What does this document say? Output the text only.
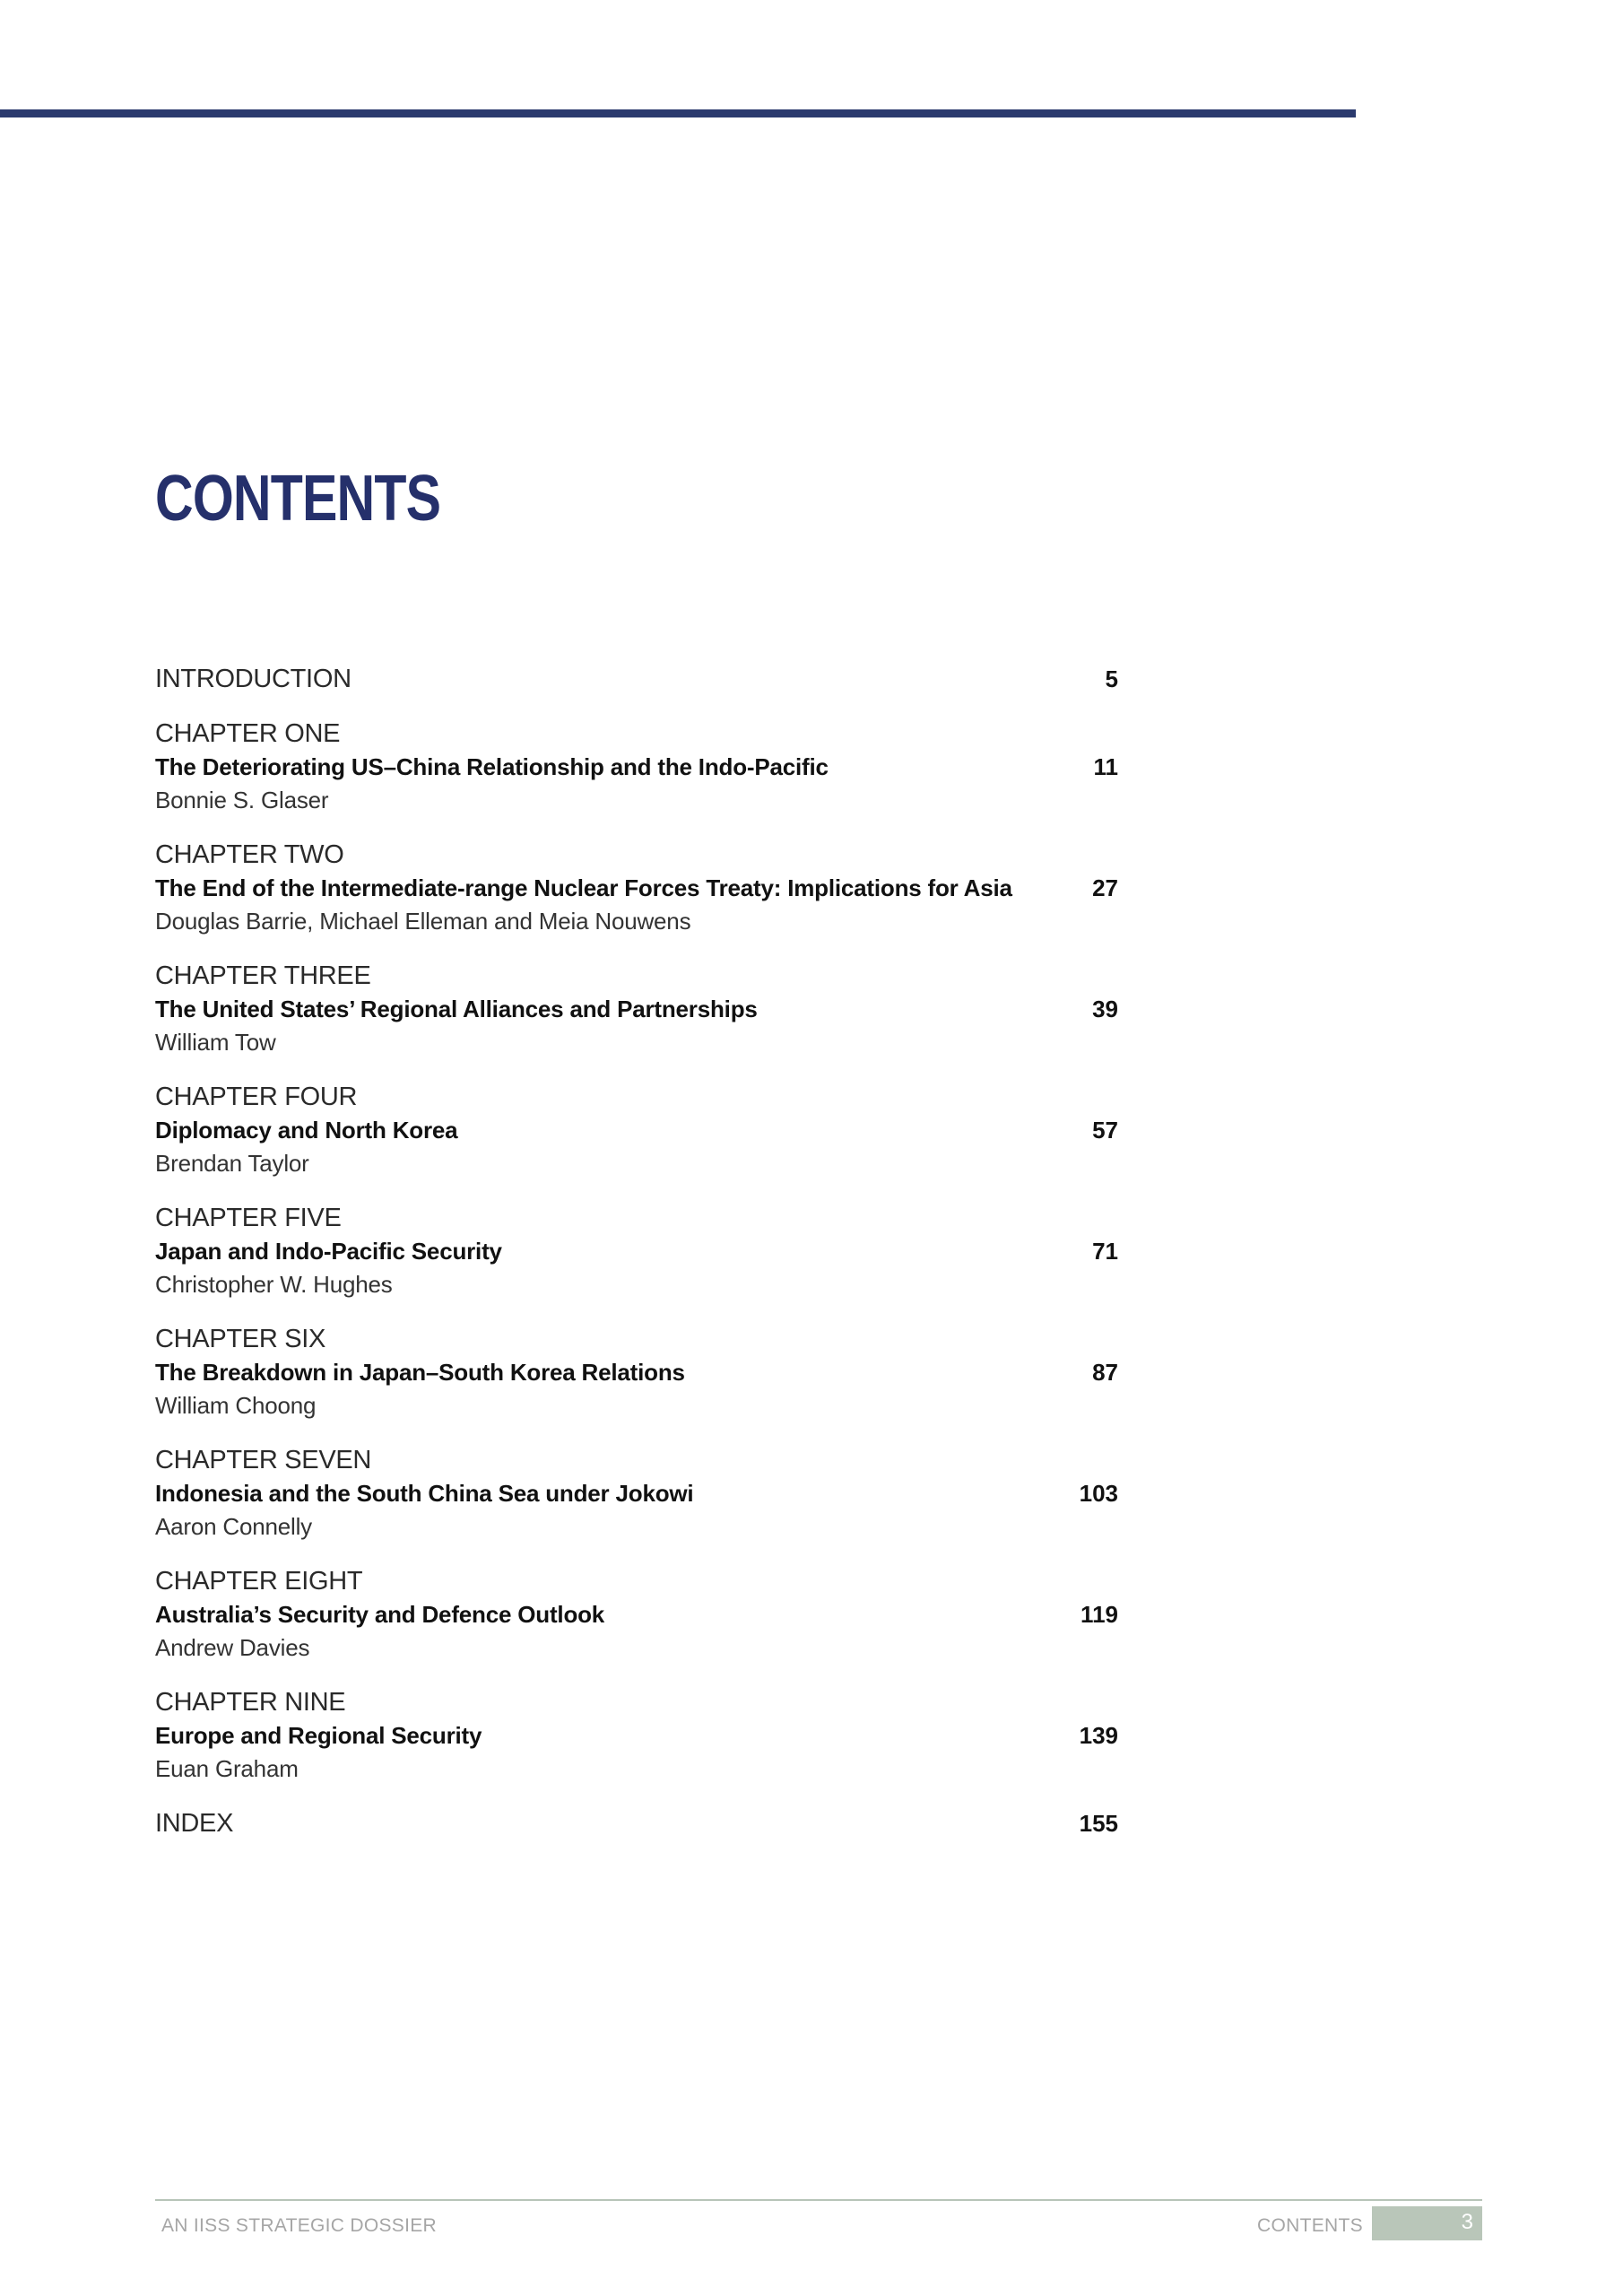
CONTENTS
INTRODUCTION	5
CHAPTER ONE
The Deteriorating US–China Relationship and the Indo-Pacific	11
Bonnie S. Glaser
CHAPTER TWO
The End of the Intermediate-range Nuclear Forces Treaty: Implications for Asia	27
Douglas Barrie, Michael Elleman and Meia Nouwens
CHAPTER THREE
The United States’ Regional Alliances and Partnerships	39
William Tow
CHAPTER FOUR
Diplomacy and North Korea	57
Brendan Taylor
CHAPTER FIVE
Japan and Indo-Pacific Security	71
Christopher W. Hughes
CHAPTER SIX
The Breakdown in Japan–South Korea Relations	87
William Choong
CHAPTER SEVEN
Indonesia and the South China Sea under Jokowi	103
Aaron Connelly
CHAPTER EIGHT
Australia’s Security and Defence Outlook	119
Andrew Davies
CHAPTER NINE
Europe and Regional Security	139
Euan Graham
INDEX	155
AN IISS STRATEGIC DOSSIER	CONTENTS	3
